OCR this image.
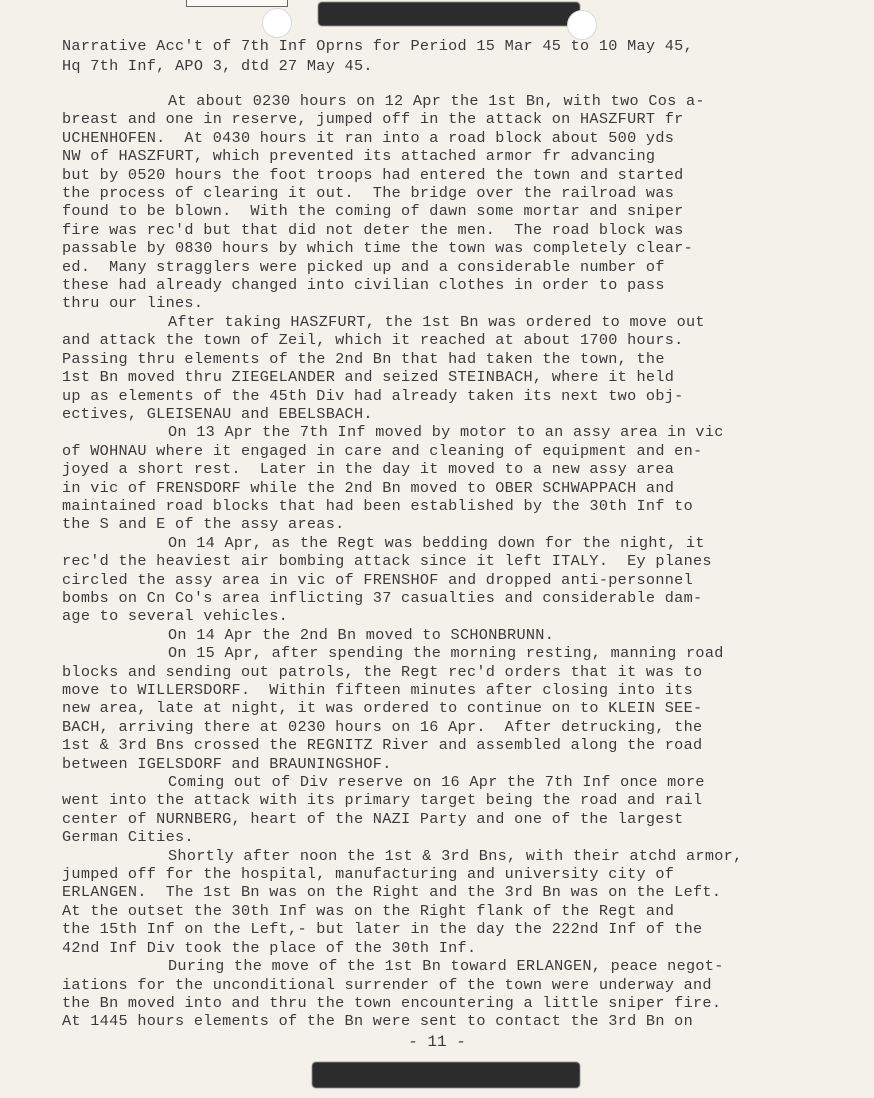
Narrative Acc't of 7th Inf Oprns for Period 15 Mar 45 to 10 May 45,
Hq 7th Inf, APO 3, dtd 27 May 45.
At about 0230 hours on 12 Apr the 1st Bn, with two Cos a-
breast and one in reserve, jumped off in the attack on HASZFURT fr
UCHENHOFEN.  At 0430 hours it ran into a road block about 500 yds
NW of HASZFURT, which prevented its attached armor fr advancing
but by 0520 hours the foot troops had entered the town and started
the process of clearing it out.  The bridge over the railroad was
found to be blown.  With the coming of dawn some mortar and sniper
fire was rec'd but that did not deter the men.  The road block was
passable by 0830 hours by which time the town was completely clear-
ed.  Many stragglers were picked up and a considerable number of
these had already changed into civilian clothes in order to pass
thru our lines.
After taking HASZFURT, the 1st Bn was ordered to move out
and attack the town of Zeil, which it reached at about 1700 hours.
Passing thru elements of the 2nd Bn that had taken the town, the
1st Bn moved thru ZIEGELANDER and seized STEINBACH, where it held
up as elements of the 45th Div had already taken its next two obj-
ectives, GLEISENAU and EBELSBACH.
On 13 Apr the 7th Inf moved by motor to an assy area in vic
of WOHNAU where it engaged in care and cleaning of equipment and en-
joyed a short rest.  Later in the day it moved to a new assy area
in vic of FRENSDORF while the 2nd Bn moved to OBER SCHWAPPACH and
maintained road blocks that had been established by the 30th Inf to
the S and E of the assy areas.
On 14 Apr, as the Regt was bedding down for the night, it
rec'd the heaviest air bombing attack since it left ITALY.  Ey planes
circled the assy area in vic of FRENSHOF and dropped anti-personnel
bombs on Cn Co's area inflicting 37 casualties and considerable dam-
age to several vehicles.
On 14 Apr the 2nd Bn moved to SCHONBRUNN.
On 15 Apr, after spending the morning resting, manning road
blocks and sending out patrols, the Regt rec'd orders that it was to
move to WILLERSDORF.  Within fifteen minutes after closing into its
new area, late at night, it was ordered to continue on to KLEIN SEE-
BACH, arriving there at 0230 hours on 16 Apr.  After detrucking, the
1st & 3rd Bns crossed the REGNITZ River and assembled along the road
between IGELSDORF and BRAUNINGSHOF.
Coming out of Div reserve on 16 Apr the 7th Inf once more
went into the attack with its primary target being the road and rail
center of NURNBERG, heart of the NAZI Party and one of the largest
German Cities.
Shortly after noon the 1st & 3rd Bns, with their atchd armor,
jumped off for the hospital, manufacturing and university city of
ERLANGEN.  The 1st Bn was on the Right and the 3rd Bn was on the Left.
At the outset the 30th Inf was on the Right flank of the Regt and
the 15th Inf on the Left,- but later in the day the 222nd Inf of the
42nd Inf Div took the place of the 30th Inf.
During the move of the 1st Bn toward ERLANGEN, peace negot-
iations for the unconditional surrender of the town were underway and
the Bn moved into and thru the town encountering a little sniper fire.
At 1445 hours elements of the Bn were sent to contact the 3rd Bn on
- 11 -
